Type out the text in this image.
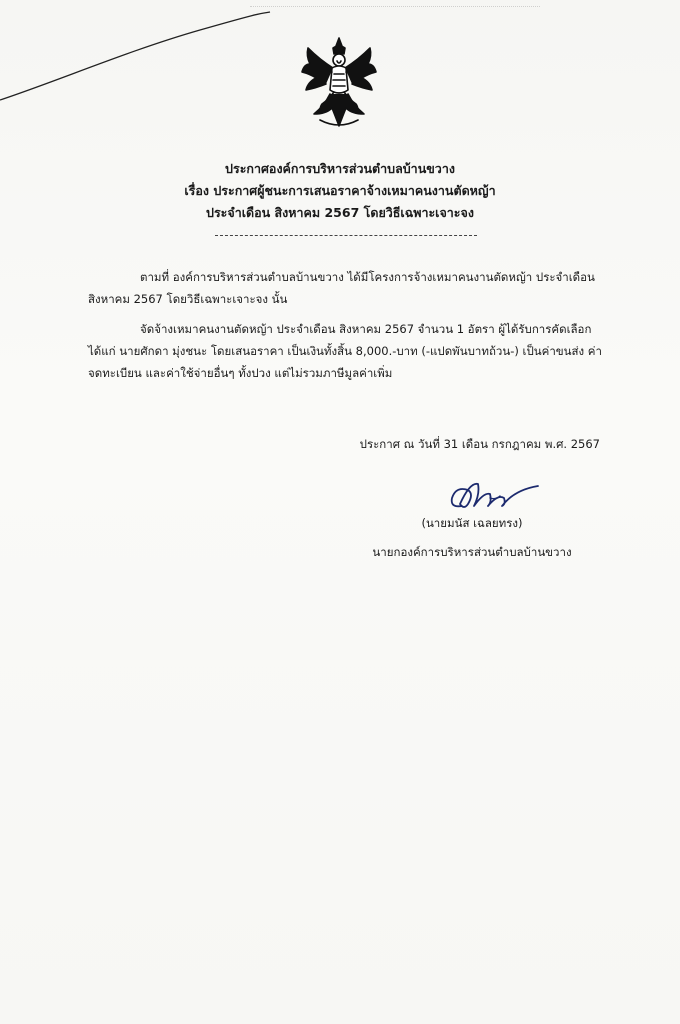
ประกาศองค์การบริหารส่วนตำบลบ้านขวาง
เรื่อง ประกาศผู้ชนะการเสนอราคาจ้างเหมาคนงานตัดหญ้า
ประจำเดือน สิงหาคม 2567 โดยวิธีเฉพาะเจาะจง
ตามที่ องค์การบริหารส่วนตำบลบ้านขวาง ได้มีโครงการจ้างเหมาคนงานตัดหญ้า ประจำเดือน
สิงหาคม 2567 โดยวิธีเฉพาะเจาะจง นั้น
จัดจ้างเหมาคนงานตัดหญ้า ประจำเดือน สิงหาคม 2567 จำนวน 1 อัตรา ผู้ได้รับการคัดเลือก
ได้แก่ นายศักดา มุ่งชนะ โดยเสนอราคา เป็นเงินทั้งสิ้น 8,000.-บาท (-แปดพันบาทถ้วน-) เป็นค่าขนส่ง ค่า
จดทะเบียน และค่าใช้จ่ายอื่นๆ ทั้งปวง แต่ไม่รวมภาษีมูลค่าเพิ่ม
ประกาศ ณ วันที่ 31 เดือน กรกฎาคม พ.ศ. 2567
(นายมนัส เฉลยทรง)
นายกองค์การบริหารส่วนตำบลบ้านขวาง
